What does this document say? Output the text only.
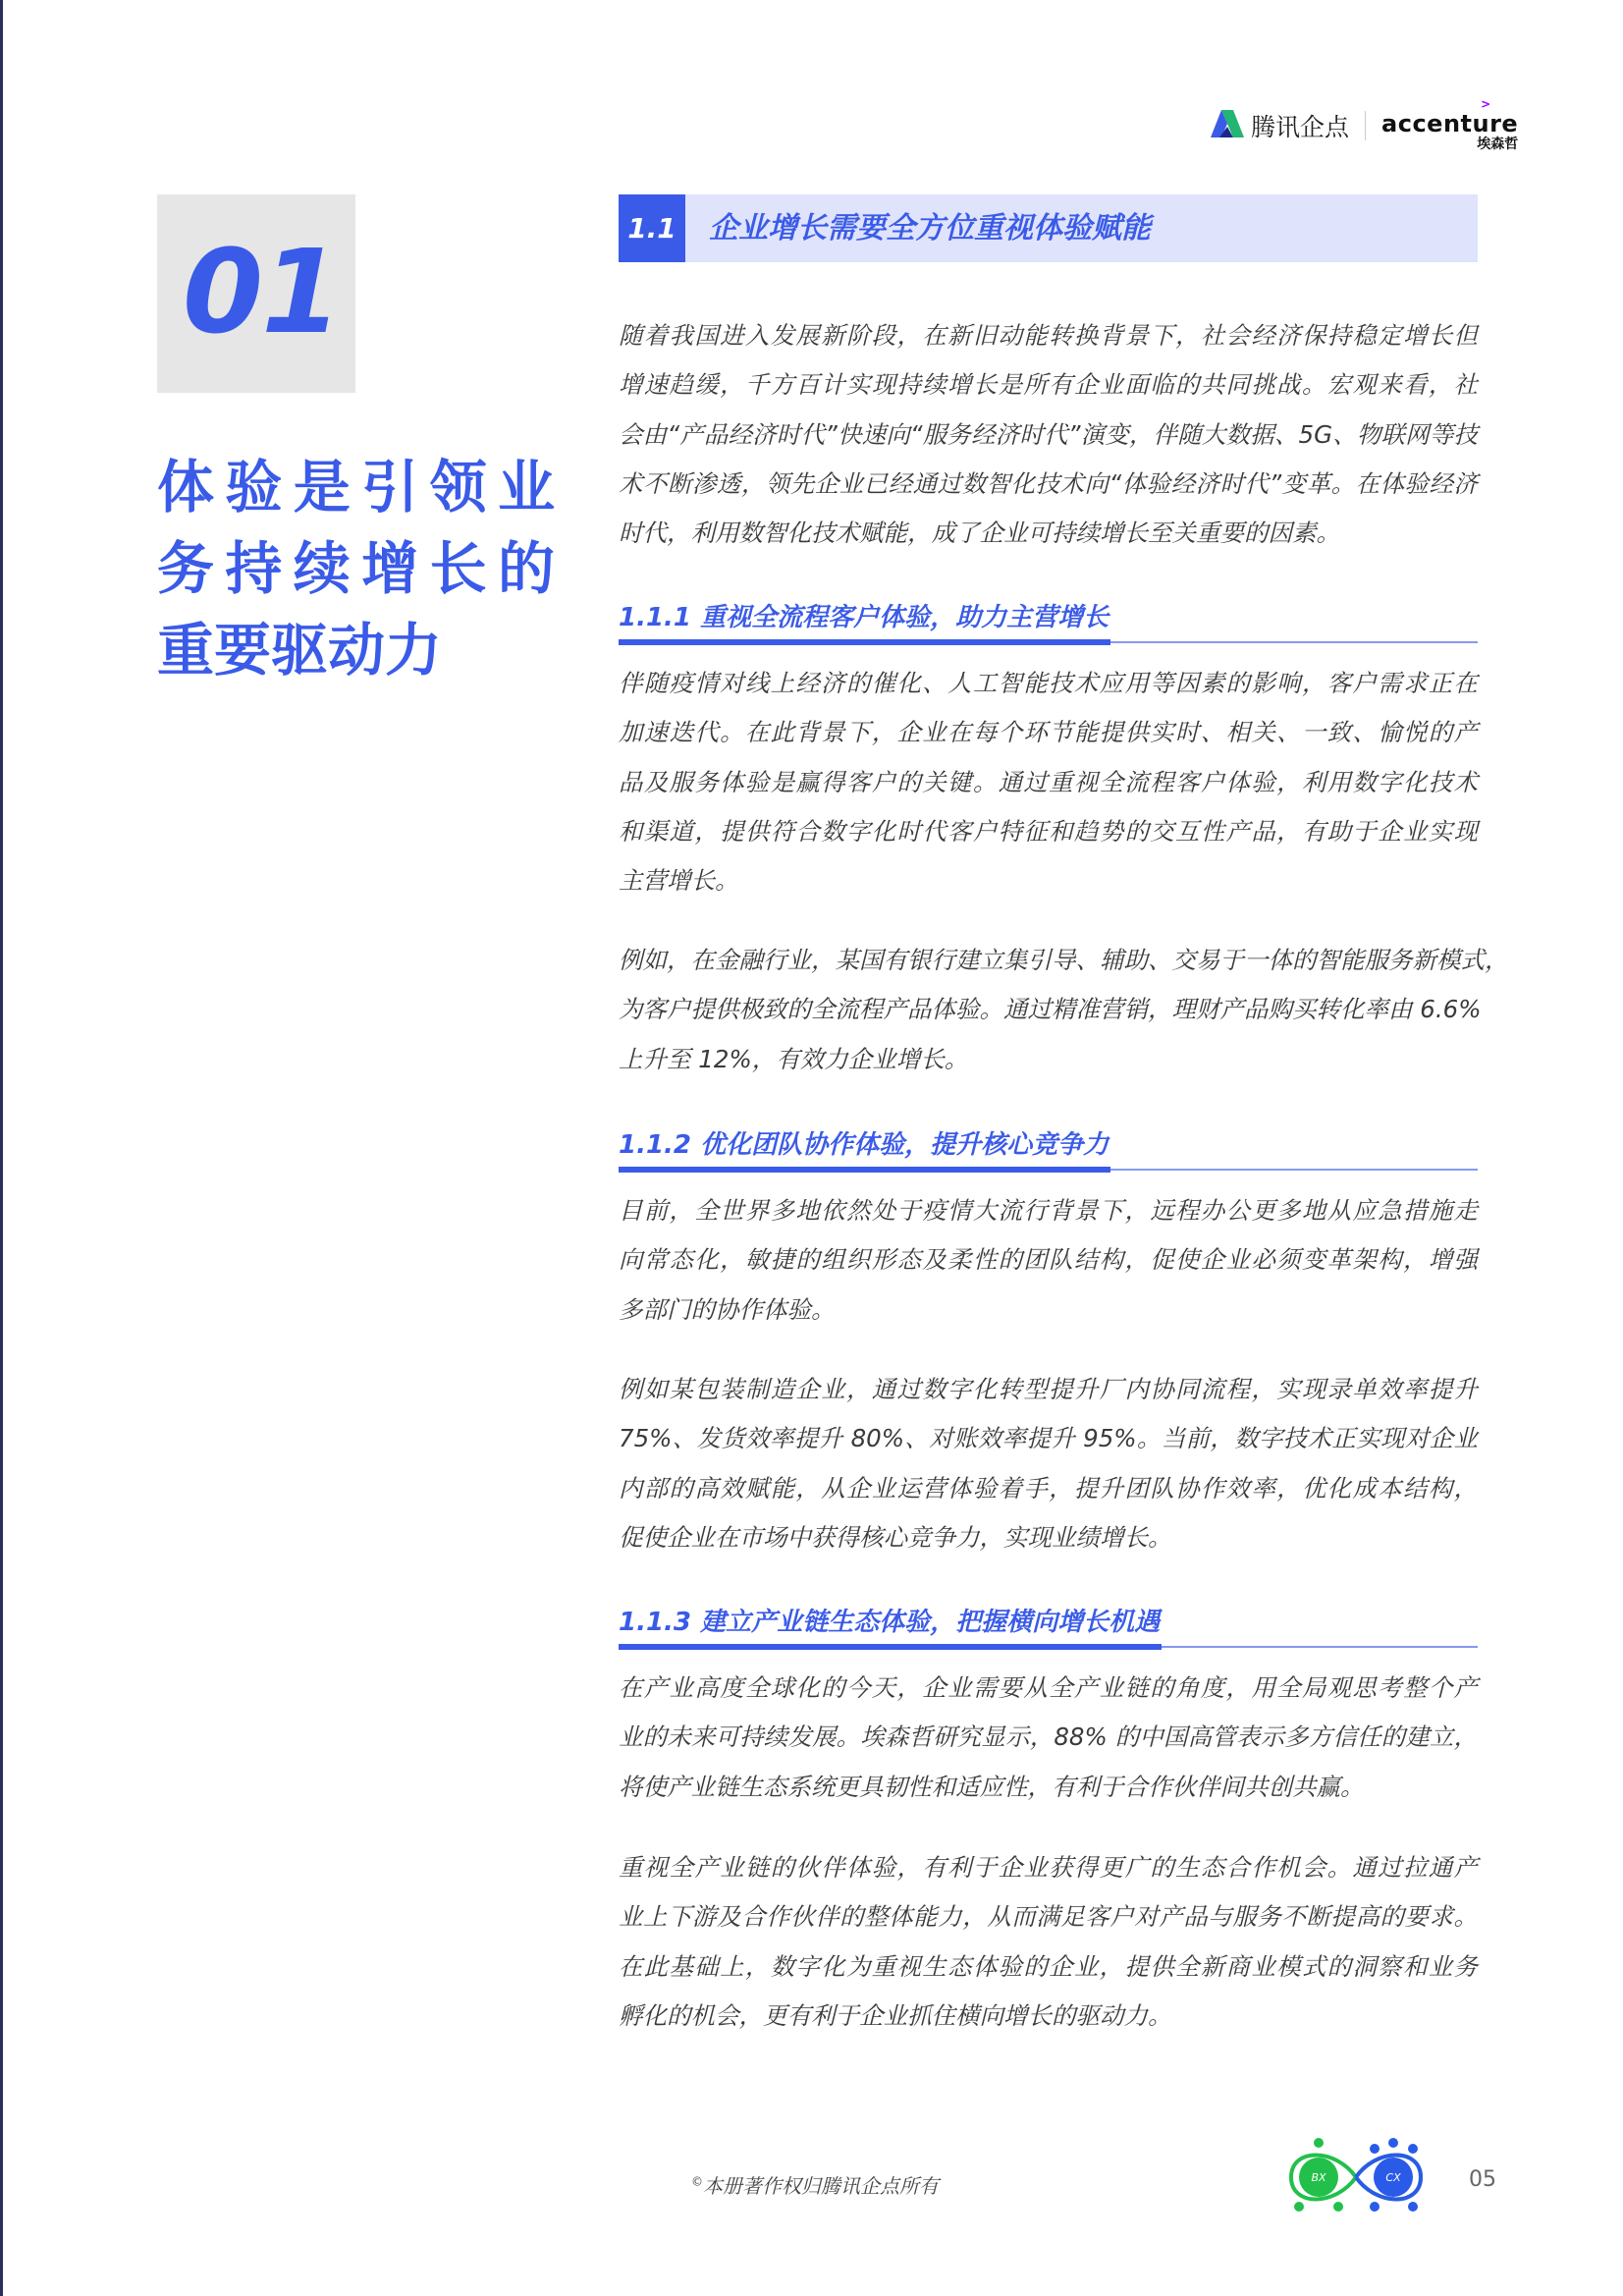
腾讯企点
>
accenture
埃森哲
01
体验是引领业
务持续增长的
重要驱动力
1.1	企业增长需要全方位重视体验赋能
随着我国进入发展新阶段，在新旧动能转换背景下，社会经济保持稳定增长但
增速趋缓，千方百计实现持续增长是所有企业面临的共同挑战。宏观来看，社
会由“产品经济时代”快速向“服务经济时代”演变，伴随大数据、5G、物联网等技
术不断渗透，领先企业已经通过数智化技术向“体验经济时代”变革。在体验经济
时代，利用数智化技术赋能，成了企业可持续增长至关重要的因素。
1.1.1 重视全流程客户体验，助力主营增长
伴随疫情对线上经济的催化、人工智能技术应用等因素的影响，客户需求正在
加速迭代。在此背景下，企业在每个环节能提供实时、相关、一致、愉悦的产
品及服务体验是赢得客户的关键。通过重视全流程客户体验，利用数字化技术
和渠道，提供符合数字化时代客户特征和趋势的交互性产品，有助于企业实现
主营增长。
例如，在金融行业，某国有银行建立集引导、辅助、交易于一体的智能服务新模式，
为客户提供极致的全流程产品体验。通过精准营销，理财产品购买转化率由 6.6%
上升至 12%，有效力企业增长。
1.1.2 优化团队协作体验，提升核心竞争力
目前，全世界多地依然处于疫情大流行背景下，远程办公更多地从应急措施走
向常态化，敏捷的组织形态及柔性的团队结构，促使企业必须变革架构，增强
多部门的协作体验。
例如某包装制造企业，通过数字化转型提升厂内协同流程，实现录单效率提升
75%、发货效率提升 80%、对账效率提升 95%。当前，数字技术正实现对企业
内部的高效赋能，从企业运营体验着手，提升团队协作效率，优化成本结构，
促使企业在市场中获得核心竞争力，实现业绩增长。
1.1.3 建立产业链生态体验，把握横向增长机遇
在产业高度全球化的今天，企业需要从全产业链的角度，用全局观思考整个产
业的未来可持续发展。埃森哲研究显示，88% 的中国高管表示多方信任的建立，
将使产业链生态系统更具韧性和适应性，有利于合作伙伴间共创共赢。
重视全产业链的伙伴体验，有利于企业获得更广的生态合作机会。通过拉通产
业上下游及合作伙伴的整体能力，从而满足客户对产品与服务不断提高的要求。
在此基础上，数字化为重视生态体验的企业，提供全新商业模式的洞察和业务
孵化的机会，更有利于企业抓住横向增长的驱动力。
©本册著作权归腾讯企点所有	BX	CX	05
